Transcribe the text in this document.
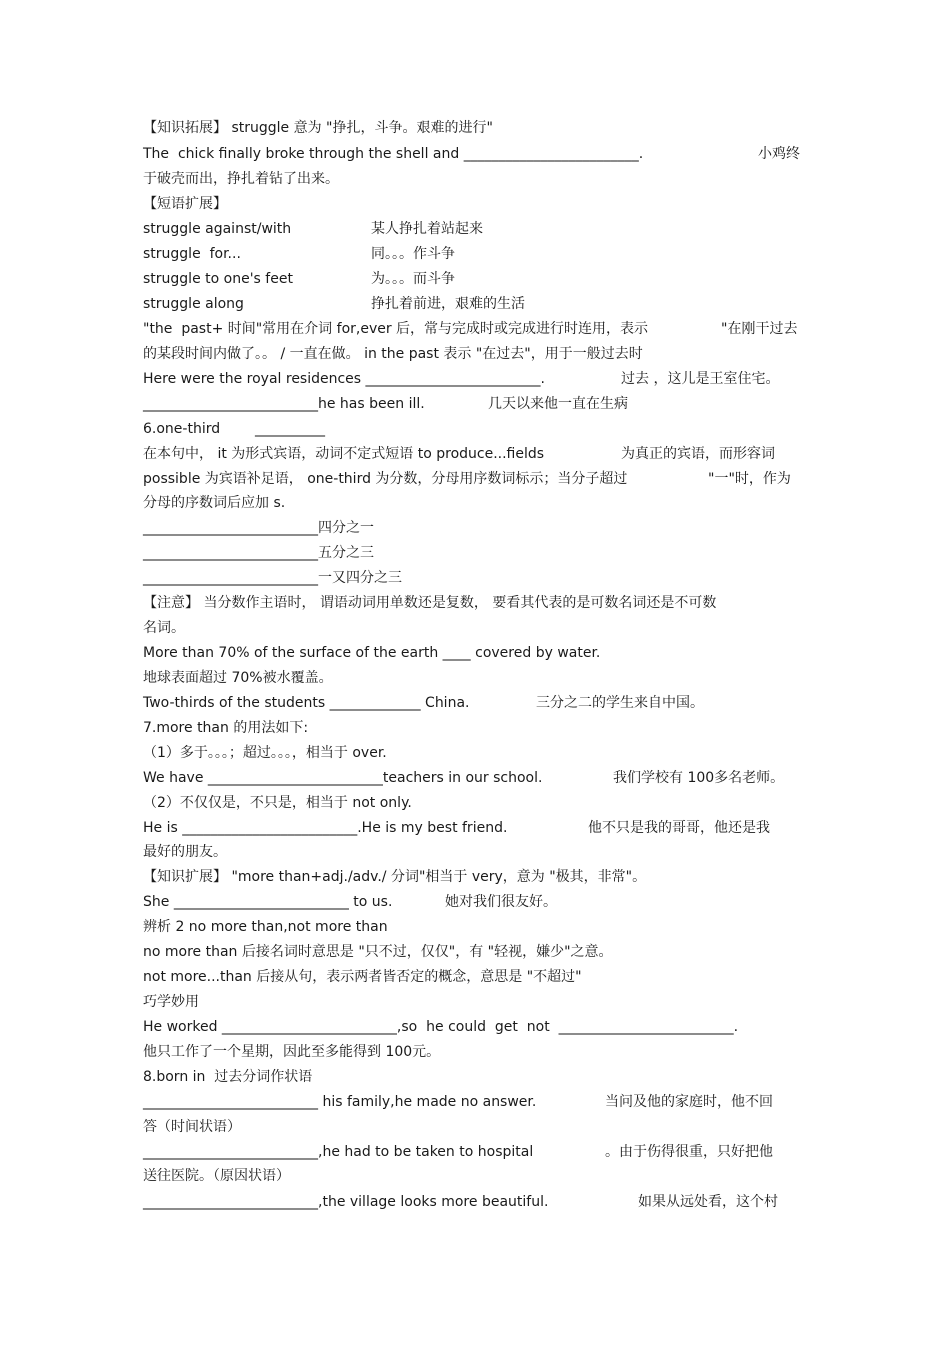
【知识拓展】 struggle 意为 "挣扎，斗争。艰难的进行"
The  chick finally broke through the shell and _________________________.	小鸡终
于破壳而出，挣扎着钻了出来。
【短语扩展】
struggle against/with	某人挣扎着站起来
struggle  for...	同。。。作斗争
struggle to one's feet	为。。。而斗争
struggle along	挣扎着前进，艰难的生活
"the  past+ 时间"常用在介词 for,ever 后，常与完成时或完成进行时连用，表示	"在刚干过去
的某段时间内做了。。 / 一直在做。 in the past 表示 "在过去"，用于一般过去时
Here were the royal residences _________________________.	过去 ，这儿是王室住宅。
_________________________he has been ill.	几天以来他一直在生病
6.one-third __________
在本句中， it 为形式宾语，动词不定式短语 to produce...fields	为真正的宾语，而形容词
possible 为宾语补足语， one-third 为分数，分母用序数词标示；当分子超过	"一"时，作为
分母的序数词后应加 s.
_________________________四分之一
_________________________五分之三
_________________________一又四分之三
【注意】 当分数作主语时， 谓语动词用单数还是复数， 要看其代表的是可数名词还是不可数
名词。
More than 70% of the surface of the earth ____ covered by water.
地球表面超过 70%被水覆盖。
Two-thirds of the students _____________ China.	三分之二的学生来自中国。
7.more than 的用法如下:
（1）多于。。。；超过。。。，相当于 over.
We have _________________________teachers in our school.	我们学校有 100多名老师。
（2）不仅仅是，不只是，相当于 not only.
He is _________________________.He is my best friend.	他不只是我的哥哥，他还是我
最好的朋友。
【知识扩展】 "more than+adj./adv./ 分词"相当于 very，意为 "极其，非常"。
She _________________________ to us.	她对我们很友好。
辨析 2 no more than,not more than
no more than 后接名词时意思是 "只不过，仅仅"，有 "轻视，嫌少"之意。
not more...than 后接从句，表示两者皆否定的概念，意思是 "不超过"
巧学妙用
He worked _________________________,so  he could  get  not  _________________________.
他只工作了一个星期，因此至多能得到 100元。
8.born in  过去分词作状语
_________________________ his family,he made no answer.	当问及他的家庭时，他不回
答（时间状语）
_________________________,he had to be taken to hospital	。由于伤得很重，只好把他
送往医院。（原因状语）
_________________________,the village looks more beautiful.	如果从远处看，这个村
